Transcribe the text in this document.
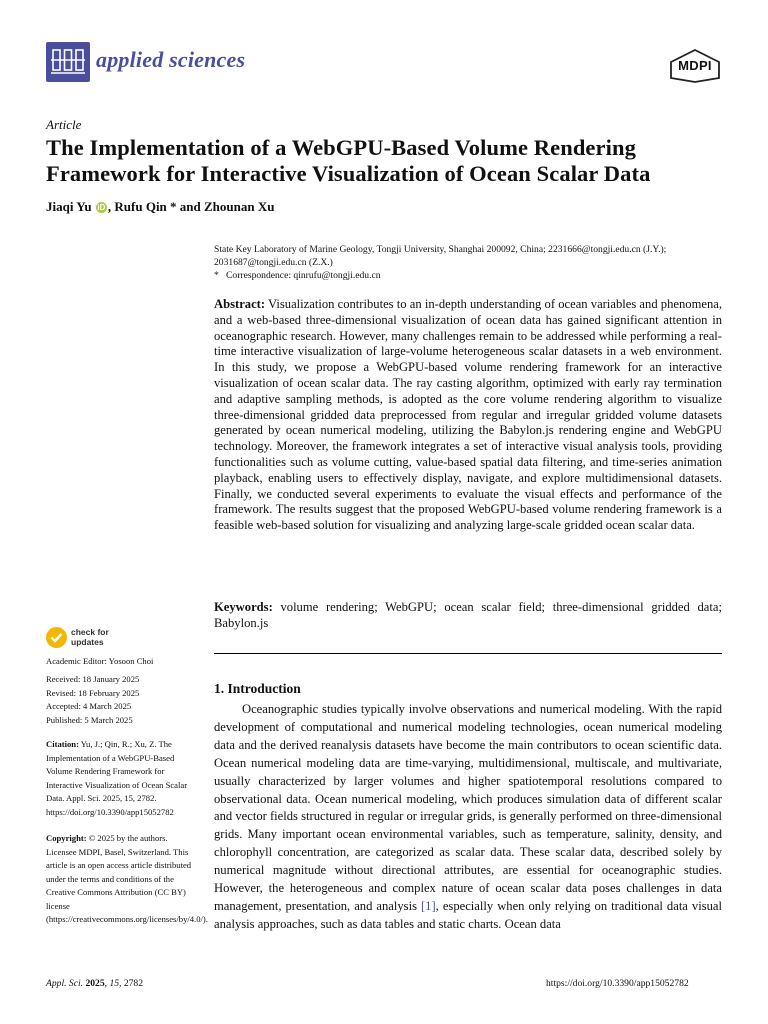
applied sciences	MDPI
Article
The Implementation of a WebGPU-Based Volume Rendering Framework for Interactive Visualization of Ocean Scalar Data
Jiaqi Yu iD , Rufu Qin * and Zhounan Xu
State Key Laboratory of Marine Geology, Tongji University, Shanghai 200092, China; 2231666@tongji.edu.cn (J.Y.); 2031687@tongji.edu.cn (Z.X.)
*   Correspondence: qinrufu@tongji.edu.cn
Abstract: Visualization contributes to an in-depth understanding of ocean variables and phenomena, and a web-based three-dimensional visualization of ocean data has gained significant attention in oceanographic research. However, many challenges remain to be addressed while performing a real-time interactive visualization of large-volume heterogeneous scalar datasets in a web environment. In this study, we propose a WebGPU-based volume rendering framework for an interactive visualization of ocean scalar data. The ray casting algorithm, optimized with early ray termination and adaptive sampling methods, is adopted as the core volume rendering algorithm to visualize three-dimensional gridded data preprocessed from regular and irregular gridded volume datasets generated by ocean numerical modeling, utilizing the Babylon.js rendering engine and WebGPU technology. Moreover, the framework integrates a set of interactive visual analysis tools, providing functionalities such as volume cutting, value-based spatial data filtering, and time-series animation playback, enabling users to effectively display, navigate, and explore multidimensional datasets. Finally, we conducted several experiments to evaluate the visual effects and performance of the framework. The results suggest that the proposed WebGPU-based volume rendering framework is a feasible web-based solution for visualizing and analyzing large-scale gridded ocean scalar data.
Keywords: volume rendering; WebGPU; ocean scalar field; three-dimensional gridded data; Babylon.js
1. Introduction
Oceanographic studies typically involve observations and numerical modeling. With the rapid development of computational and numerical modeling technologies, ocean numerical modeling data and the derived reanalysis datasets have become the main contributors to ocean scientific data. Ocean numerical modeling data are time-varying, multidimensional, multiscale, and multivariate, usually characterized by larger volumes and higher spatiotemporal resolutions compared to observational data. Ocean numerical modeling, which produces simulation data of different scalar and vector fields structured in regular or irregular grids, is generally performed on three-dimensional grids. Many important ocean environmental variables, such as temperature, salinity, density, and chlorophyll concentration, are categorized as scalar data. These scalar data, described solely by numerical magnitude without directional attributes, are essential for oceanographic studies. However, the heterogeneous and complex nature of ocean scalar data poses challenges in data management, presentation, and analysis [1], especially when only relying on traditional data visual analysis approaches, such as data tables and static charts. Ocean data
check for
updates
Academic Editor: Yosoon Choi
Received: 18 January 2025
Revised: 18 February 2025
Accepted: 4 March 2025
Published: 5 March 2025
Citation: Yu, J.; Qin, R.; Xu, Z. The Implementation of a WebGPU-Based Volume Rendering Framework for Interactive Visualization of Ocean Scalar Data. Appl. Sci. 2025, 15, 2782. https://doi.org/10.3390/app15052782
Copyright: © 2025 by the authors. Licensee MDPI, Basel, Switzerland. This article is an open access article distributed under the terms and conditions of the Creative Commons Attribution (CC BY) license (https://creativecommons.org/licenses/by/4.0/).
Appl. Sci. 2025, 15, 2782	https://doi.org/10.3390/app15052782
